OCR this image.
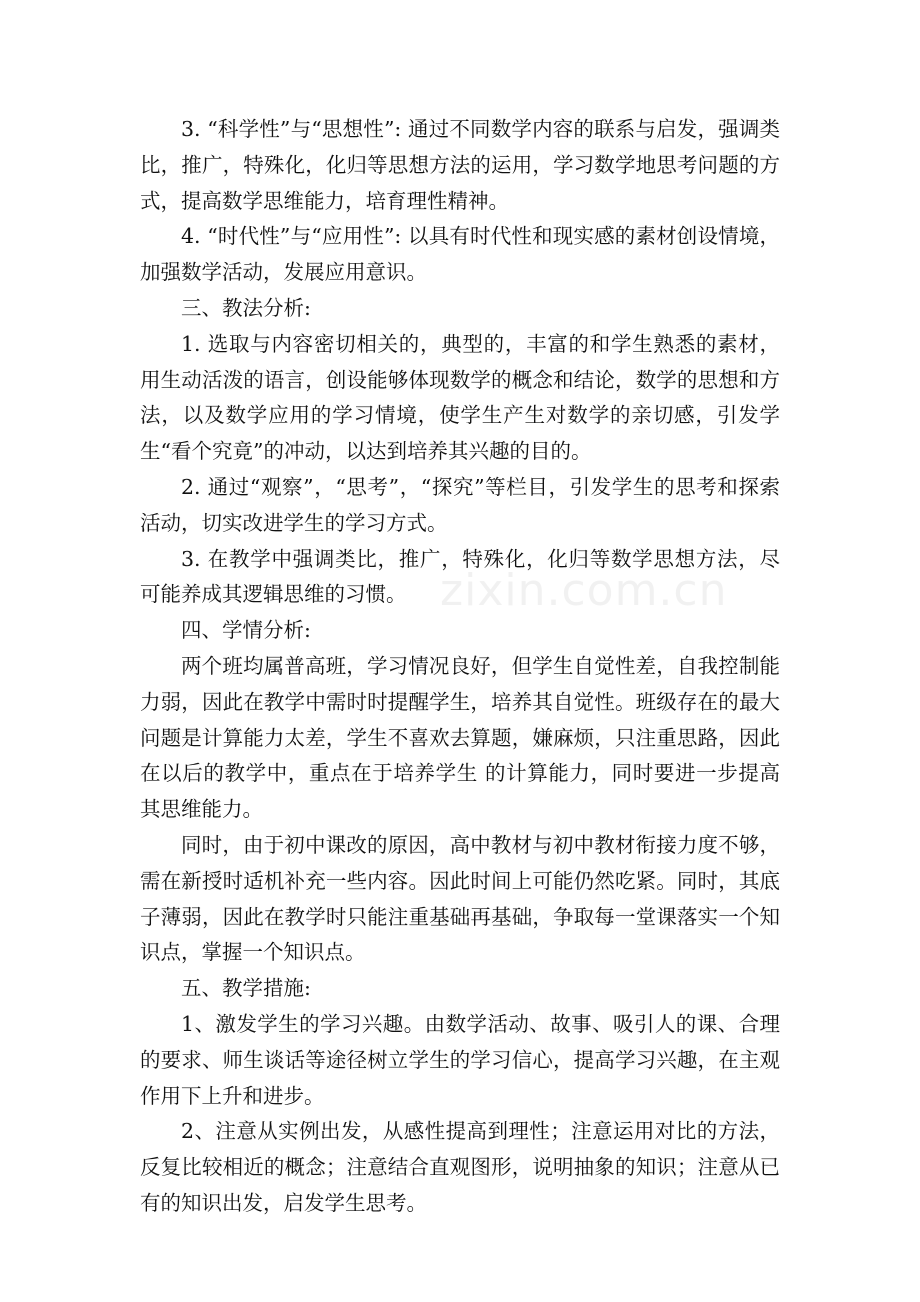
3. “科学性”与“思想性”: 通过不同数学内容的联系与启发，强调类比，推广，特殊化，化归等思想方法的运用，学习数学地思考问题的方式，提高数学思维能力，培育理性精神。

4. “时代性”与“应用性”: 以具有时代性和现实感的素材创设情境，加强数学活动，发展应用意识。

三、教法分析:

1. 选取与内容密切相关的，典型的，丰富的和学生熟悉的素材，用生动活泼的语言，创设能够体现数学的概念和结论，数学的思想和方法，以及数学应用的学习情境，使学生产生对数学的亲切感，引发学生“看个究竟”的冲动，以达到培养其兴趣的目的。

2. 通过“观察”，“思考”，“探究”等栏目，引发学生的思考和探索活动，切实改进学生的学习方式。

3. 在教学中强调类比，推广，特殊化，化归等数学思想方法，尽可能养成其逻辑思维的习惯。

四、学情分析:

两个班均属普高班，学习情况良好，但学生自觉性差，自我控制能力弱，因此在教学中需时时提醒学生，培养其自觉性。班级存在的最大问题是计算能力太差，学生不喜欢去算题，嫌麻烦，只注重思路，因此在以后的教学中，重点在于培养学生 的计算能力，同时要进一步提高其思维能力。

同时，由于初中课改的原因，高中教材与初中教材衔接力度不够，需在新授时适机补充一些内容。因此时间上可能仍然吃紧。同时，其底子薄弱，因此在教学时只能注重基础再基础，争取每一堂课落实一个知识点，掌握一个知识点。

五、教学措施:

1、激发学生的学习兴趣。由数学活动、故事、吸引人的课、合理的要求、师生谈话等途径树立学生的学习信心，提高学习兴趣，在主观作用下上升和进步。

2、注意从实例出发，从感性提高到理性；注意运用对比的方法，反复比较相近的概念；注意结合直观图形，说明抽象的知识；注意从已有的知识出发，启发学生思考。

zixin.com.cn
